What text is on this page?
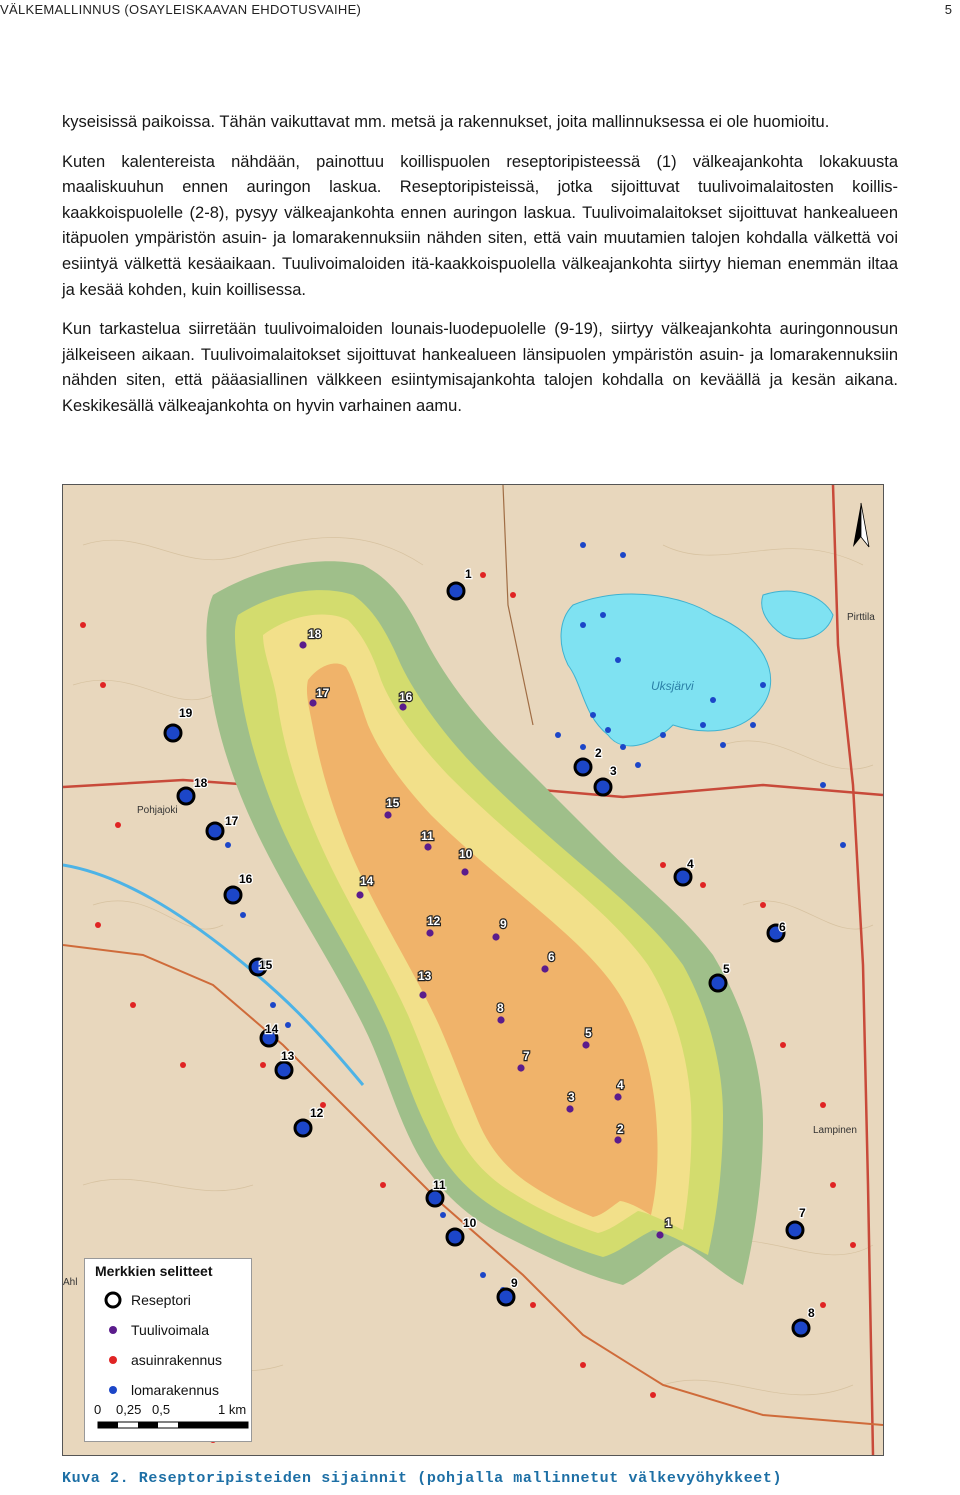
VÄLKEMALLINNUS (OSAYLEISKAAVAN EHDOTUSVAIHE)	5

kyseisissä paikoissa. Tähän vaikuttavat mm. metsä ja rakennukset, joita mallinnuksessa ei ole huomioitu.

Kuten kalentereista nähdään, painottuu koillispuolen reseptoripisteessä (1) välkeajankohta lokakuusta maaliskuuhun ennen auringon laskua. Reseptoripisteissä, jotka sijoittuvat tuulivoimalaitosten koillis-kaakkoispuolelle (2-8), pysyy välkeajankohta ennen auringon laskua. Tuulivoimalaitokset sijoittuvat hankealueen itäpuolen ympäristön asuin- ja lomarakennuksiin nähden siten, että vain muutamien talojen kohdalla välkettä voi esiintyä välkettä kesäaikaan. Tuulivoimaloiden itä-kaakkoispuolella välkeajankohta siirtyy hieman enemmän iltaa ja kesää kohden, kuin koillisessa.

Kun tarkastelua siirretään tuulivoimaloiden lounais-luodepuolelle (9-19), siirtyy välkeajankohta auringonnousun jälkeiseen aikaan. Tuulivoimalaitokset sijoittuvat hankealueen länsipuolen ympäristön asuin- ja lomarakennuksiin nähden siten, että pääasiallinen välkkeen esiintymisajankohta talojen kohdalla on keväällä ja kesän aikana. Keskikesällä välkeajankohta on hyvin varhainen aamu.

1
2
3
4
5
6
7
8
9
10
11
12
13
14
15
16
17
18
1
2
3
4
5
6
7
8
9
10
11
12
13
14
15
16
17
18
19
Pirttila
Uksjärvi
Pohjajoki
Ahl
Lampinen
Merkkien selitteet
Reseptori
Tuulivoimala
asuinrakennus
lomarakennus
0 0,25 0,5	1 km
Kuva 2. Reseptoripisteiden sijainnit (pohjalla mallinnetut välkevyöhykkeet)
